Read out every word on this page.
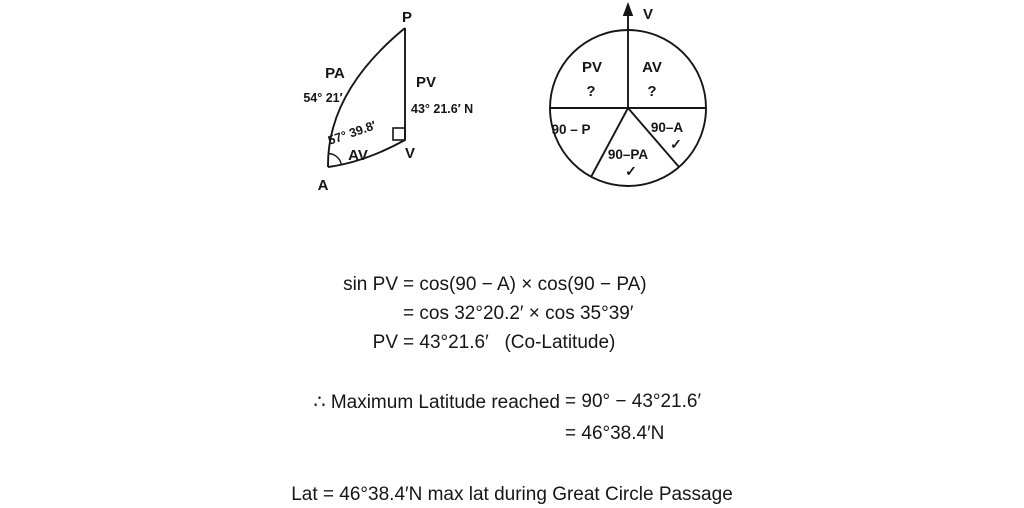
P
PA
54° 21′
PV
43° 21.6′ N
57° 39.8′
AV V
A
V
PV
?
AV
?
90 – P	90–A
✓
90–PA
✓
sin PV = cos(90 − A) × cos(90 − PA)
= cos 32°20.2′ × cos 35°39′
PV = 43°21.6′   (Co-Latitude)
∴ Maximum Latitude reached = 90° − 43°21.6′
= 46°38.4′N
Lat = 46°38.4′N max lat during Great Circle Passage
